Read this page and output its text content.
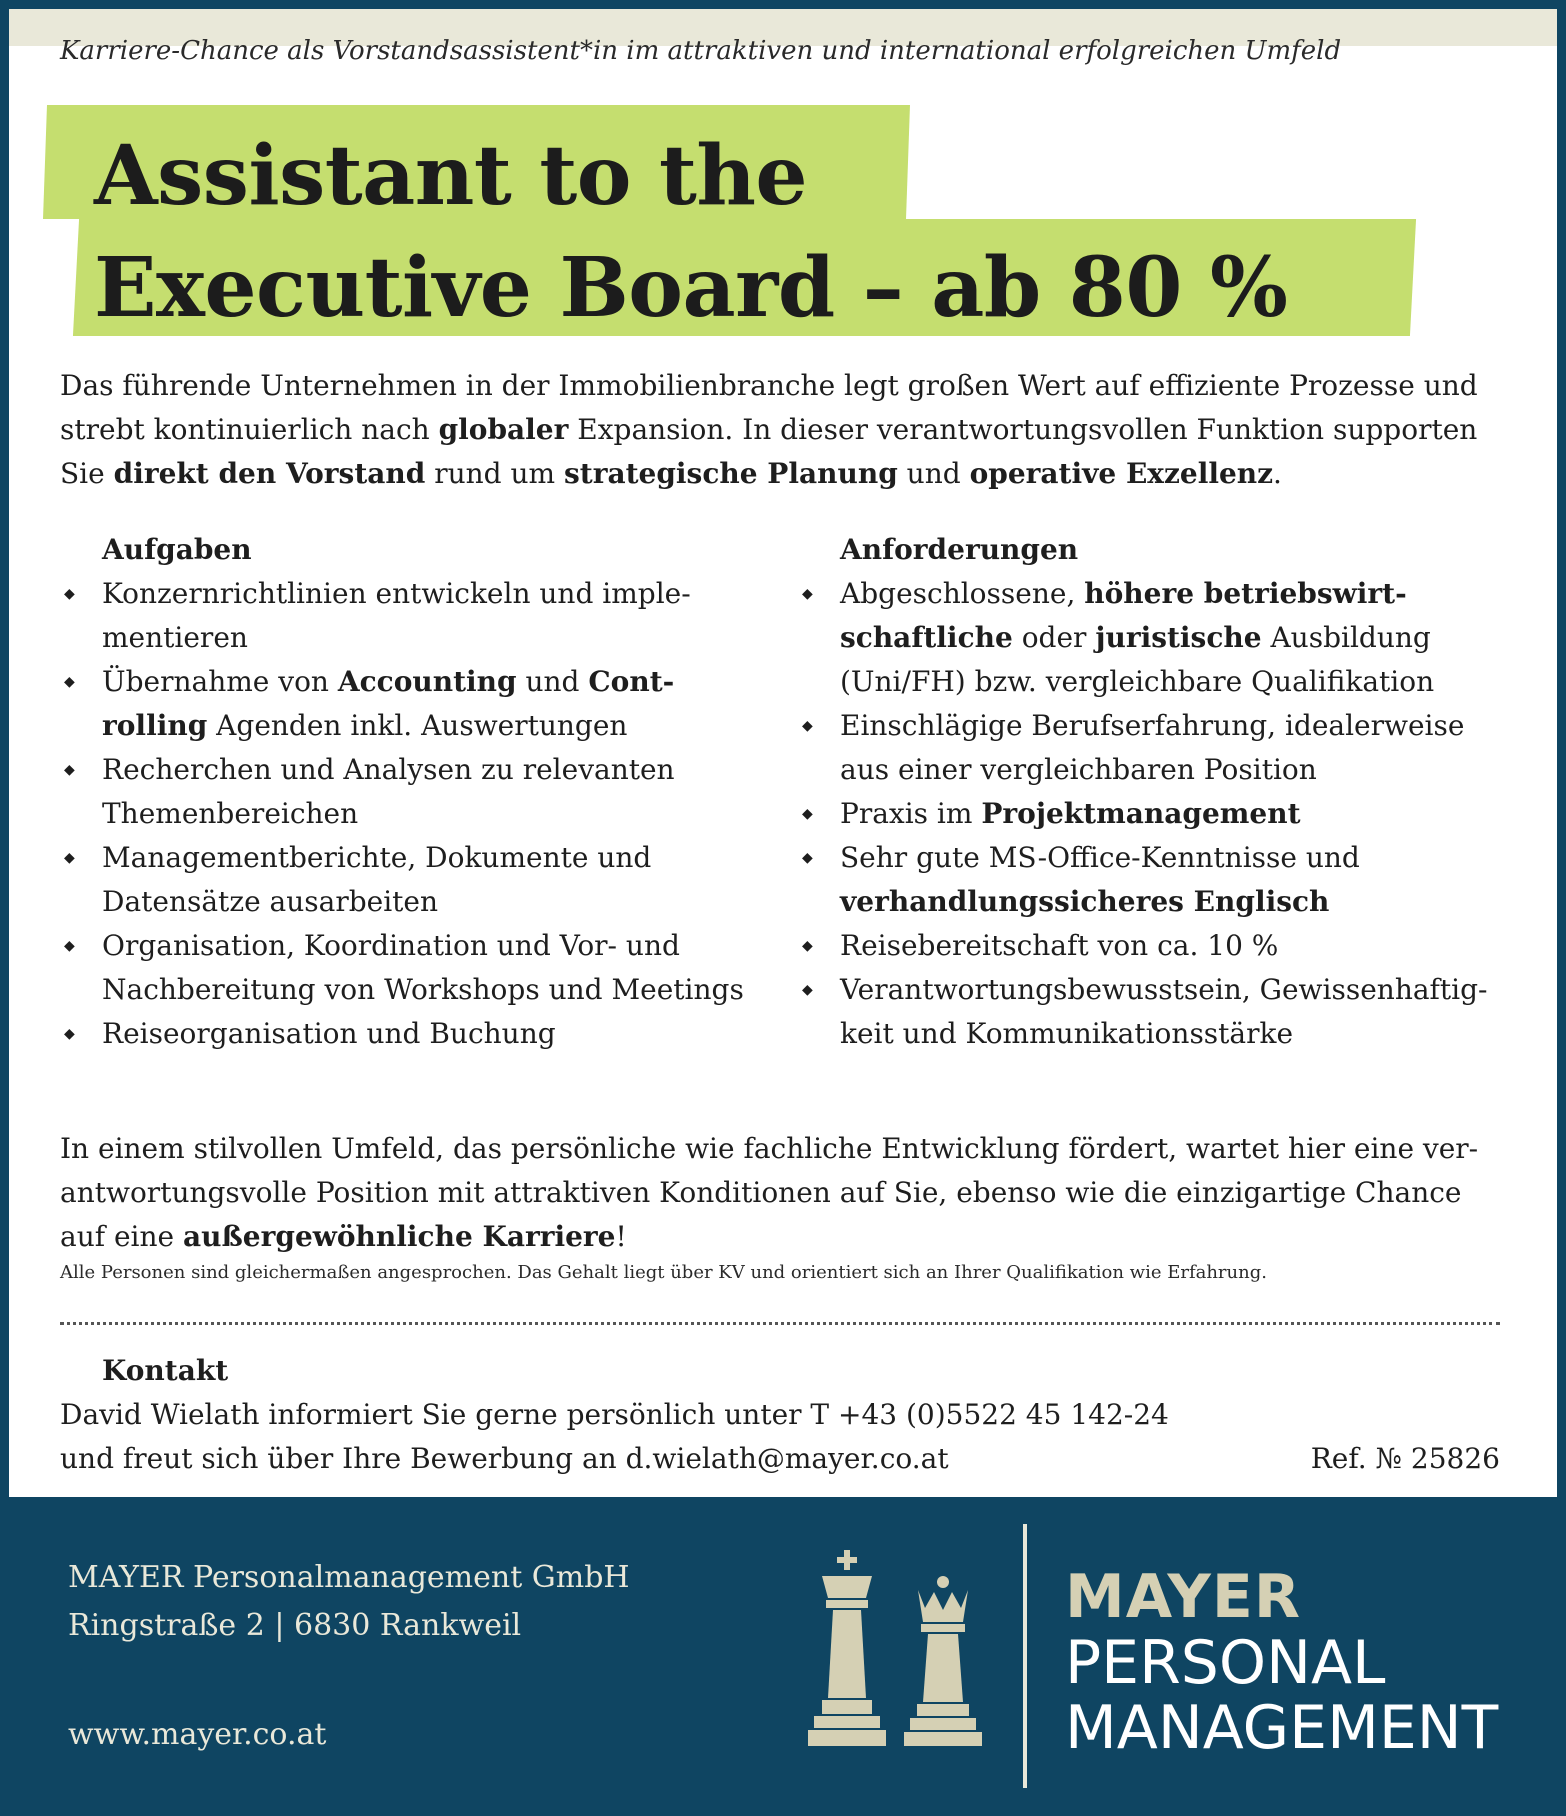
Karriere-Chance als Vorstandsassistent*in im attraktiven und international erfolgreichen Umfeld
Assistant to the
Executive Board – ab 80 %
Das führende Unternehmen in der Immobilienbranche legt großen Wert auf effiziente Prozesse und strebt kontinuierlich nach globaler Expansion. In dieser verantwortungsvollen Funktion supporten Sie direkt den Vorstand rund um strategische Planung und operative Exzellenz.
Aufgaben
◆ Konzernrichtlinien entwickeln und imple-mentieren
◆ Übernahme von Accounting und Cont-rolling Agenden inkl. Auswertungen
◆ Recherchen und Analysen zu relevanten Themenbereichen
◆ Managementberichte, Dokumente und Datensätze ausarbeiten
◆ Organisation, Koordination und Vor- und Nachbereitung von Workshops und Meetings
◆ Reiseorganisation und Buchung
Anforderungen
◆ Abgeschlossene, höhere betriebswirt-schaftliche oder juristische Ausbildung (Uni/FH) bzw. vergleichbare Qualifikation
◆ Einschlägige Berufserfahrung, idealerweise aus einer vergleichbaren Position
◆ Praxis im Projektmanagement
◆ Sehr gute MS-Office-Kenntnisse und verhandlungssicheres Englisch
◆ Reisebereitschaft von ca. 10 %
◆ Verantwortungsbewusstsein, Gewissenhaftig-keit und Kommunikationsstärke
In einem stilvollen Umfeld, das persönliche wie fachliche Entwicklung fördert, wartet hier eine ver-antwortungsvolle Position mit attraktiven Konditionen auf Sie, ebenso wie die einzigartige Chance auf eine außergewöhnliche Karriere!
Alle Personen sind gleichermaßen angesprochen. Das Gehalt liegt über KV und orientiert sich an Ihrer Qualifikation wie Erfahrung.
Kontakt
David Wielath informiert Sie gerne persönlich unter T +43 (0)5522 45 142-24
und freut sich über Ihre Bewerbung an d.wielath@mayer.co.at	Ref. № 25826
MAYER Personalmanagement GmbH
Ringstraße 2 | 6830 Rankweil
www.mayer.co.at
MAYER
PERSONAL
MANAGEMENT
